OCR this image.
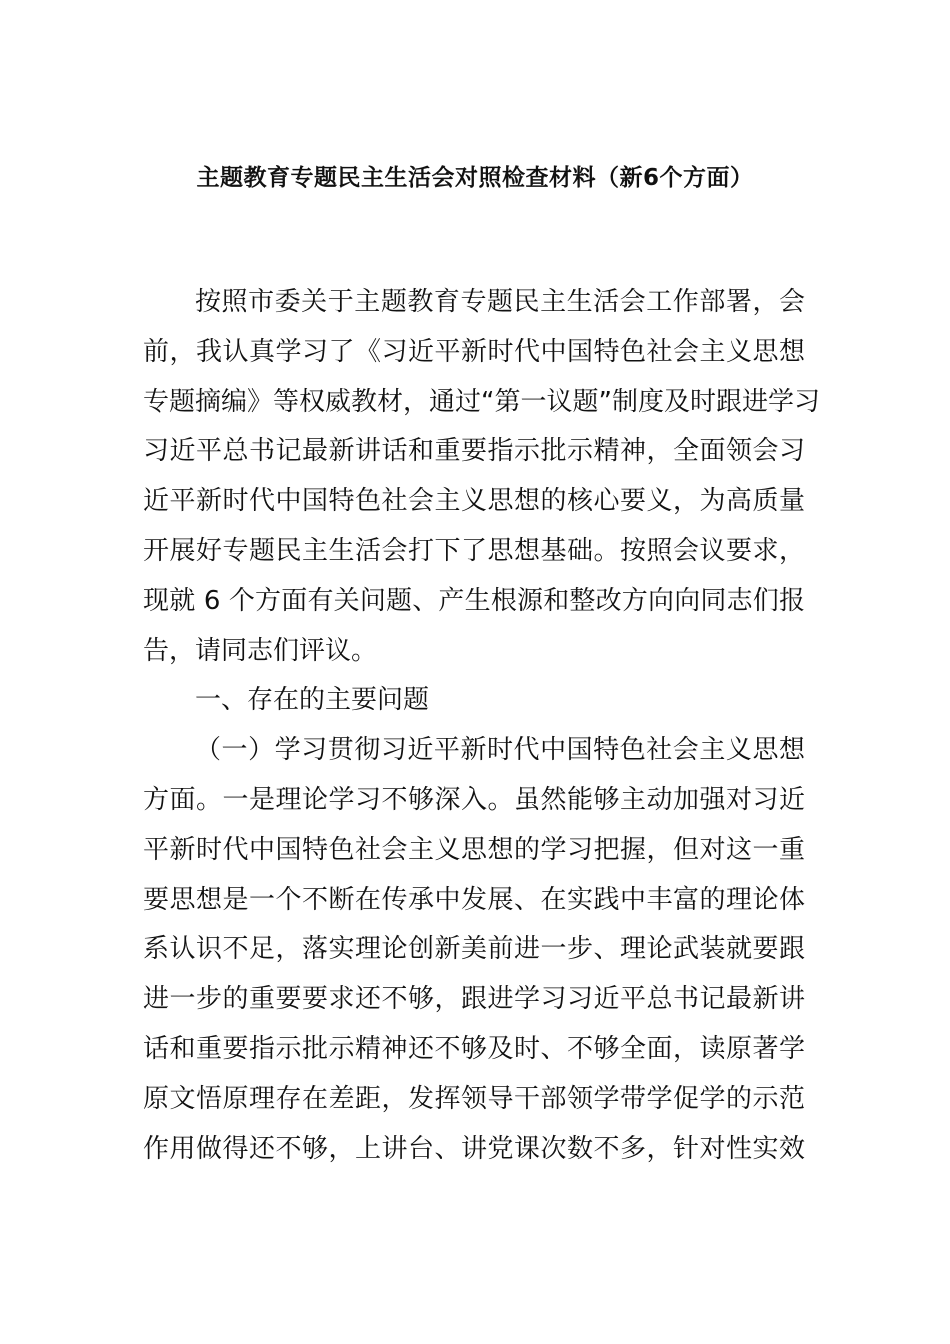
主题教育专题民主生活会对照检查材料（新6个方面）
按照市委关于主题教育专题民主生活会工作部署，会
前，我认真学习了《习近平新时代中国特色社会主义思想
专题摘编》等权威教材，通过“第一议题”制度及时跟进学习
习近平总书记最新讲话和重要指示批示精神，全面领会习
近平新时代中国特色社会主义思想的核心要义，为高质量
开展好专题民主生活会打下了思想基础。按照会议要求，
现就 6 个方面有关问题、产生根源和整改方向向同志们报
告，请同志们评议。
一、存在的主要问题
（一）学习贯彻习近平新时代中国特色社会主义思想
方面。一是理论学习不够深入。虽然能够主动加强对习近
平新时代中国特色社会主义思想的学习把握，但对这一重
要思想是一个不断在传承中发展、在实践中丰富的理论体
系认识不足，落实理论创新美前进一步、理论武装就要跟
进一步的重要要求还不够，跟进学习习近平总书记最新讲
话和重要指示批示精神还不够及时、不够全面，读原著学
原文悟原理存在差距，发挥领导干部领学带学促学的示范
作用做得还不够，上讲台、讲党课次数不多，针对性实效
